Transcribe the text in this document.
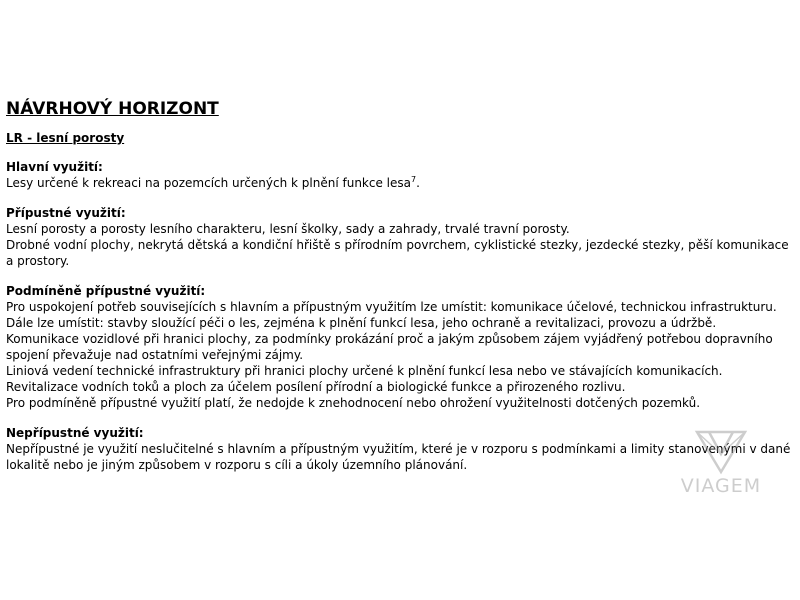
NÁVRHOVÝ HORIZONT
LR - lesní porosty
Hlavní využití:

Lesy určené k rekreaci na pozemcích určených k plnění funkce lesa$^7$.

Přípustné využití:

Lesní porosty a porosty lesního charakteru, lesní školky, sady a zahrady, trvalé travní porosty.

Drobné vodní plochy, nekrytá dětská a kondiční hřiště s přírodním povrchem, cyklistické stezky, jezdecké stezky, pěší komunikace a prostory.

Podmíněně přípustné využití:

Pro uspokojení potřeb souvisejících s hlavním a přípustným využitím lze umístit: komunikace účelové, technickou infrastrukturu.

Dále lze umístit: stavby sloužící péči o les, zejména k plnění funkcí lesa, jeho ochraně a revitalizaci, provozu a údržbě.

Komunikace vozidlové při hranici plochy, za podmínky prokázání proč a jakým způsobem zájem vyjádřený potřebou dopravního spojení převažuje nad ostatními veřejnými zájmy.

Liniová vedení technické infrastruktury při hranici plochy určené k plnění funkcí lesa nebo ve stávajících komunikacích.

Revitalizace vodních toků a ploch za účelem posílení přírodní a biologické funkce a přirozeného rozlivu.

Pro podmíněně přípustné využití platí, že nedojde k znehodnocení nebo ohrožení využitelnosti dotčených pozemků.

Nepřípustné využití:

Nepřípustné je využití neslučitelné s hlavním a přípustným využitím, které je v rozporu s podmínkami a limity stanovenými v dané lokalitě nebo je jiným způsobem v rozporu s cíli a úkoly územního plánování.

VIAGEM
